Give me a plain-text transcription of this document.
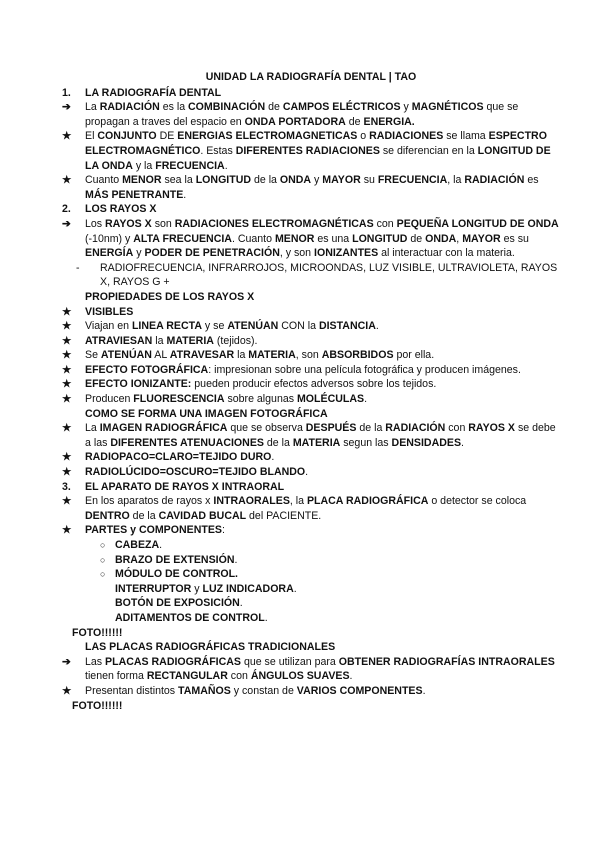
UNIDAD LA RADIOGRAFÍA DENTAL | TAO
1.	LA RADIOGRAFÍA DENTAL
➔	La RADIACIÓN es la COMBINACIÓN de CAMPOS ELÉCTRICOS y MAGNÉTICOS que se propagan a traves del espacio en ONDA PORTADORA de ENERGIA.
★	El CONJUNTO DE ENERGIAS ELECTROMAGNETICAS o RADIACIONES se llama ESPECTRO ELECTROMAGNÉTICO. Estas DIFERENTES RADIACIONES se diferencian en la LONGITUD DE LA ONDA y la FRECUENCIA.
★	Cuanto MENOR sea la LONGITUD de la ONDA y MAYOR su FRECUENCIA, la RADIACIÓN es MÁS PENETRANTE.
2.	LOS RAYOS X
➔	Los RAYOS X son RADIACIONES ELECTROMAGNÉTICAS con PEQUEÑA LONGITUD DE ONDA (-10nm) y ALTA FRECUENCIA. Cuanto MENOR es una LONGITUD de ONDA, MAYOR es su ENERGÍA y PODER DE PENETRACIÓN, y son IONIZANTES al interactuar con la materia.
-	RADIOFRECUENCIA, INFRARROJOS, MICROONDAS, LUZ VISIBLE, ULTRAVIOLETA, RAYOS X, RAYOS G +
PROPIEDADES DE LOS RAYOS X
★	VISIBLES
★	Viajan en LINEA RECTA y se ATENÚAN CON la DISTANCIA.
★	ATRAVIESAN la MATERIA (tejidos).
★	Se ATENÚAN AL ATRAVESAR la MATERIA, son ABSORBIDOS por ella.
★	EFECTO FOTOGRÁFICA: impresionan sobre una película fotográfica y producen imágenes.
★	EFECTO IONIZANTE: pueden producir efectos adversos sobre los tejidos.
★	Producen FLUORESCENCIA sobre algunas MOLÉCULAS.
COMO SE FORMA UNA IMAGEN FOTOGRÁFICA
★	La IMAGEN RADIOGRÁFICA que se observa DESPUÉS de la RADIACIÓN con RAYOS X se debe a las DIFERENTES ATENUACIONES de la MATERIA segun las DENSIDADES.
★	RADIOPACO=CLARO=TEJIDO DURO.
★	RADIOLÚCIDO=OSCURO=TEJIDO BLANDO.
3.	EL APARATO DE RAYOS X INTRAORAL
★	En los aparatos de rayos x INTRAORALES, la PLACA RADIOGRÁFICA o detector se coloca DENTRO de la CAVIDAD BUCAL del PACIENTE.
★	PARTES y COMPONENTES:
○ CABEZA.
○ BRAZO DE EXTENSIÓN.
○ MÓDULO DE CONTROL.
INTERRUPTOR y LUZ INDICADORA.
BOTÓN DE EXPOSICIÓN.
ADITAMENTOS DE CONTROL.
FOTO!!!!!!
LAS PLACAS RADIOGRÁFICAS TRADICIONALES
➔	Las PLACAS RADIOGRÁFICAS que se utilizan para OBTENER RADIOGRAFÍAS INTRAORALES tienen forma RECTANGULAR con ÁNGULOS SUAVES.
★	Presentan distintos TAMAÑOS y constan de VARIOS COMPONENTES.
FOTO!!!!!!
